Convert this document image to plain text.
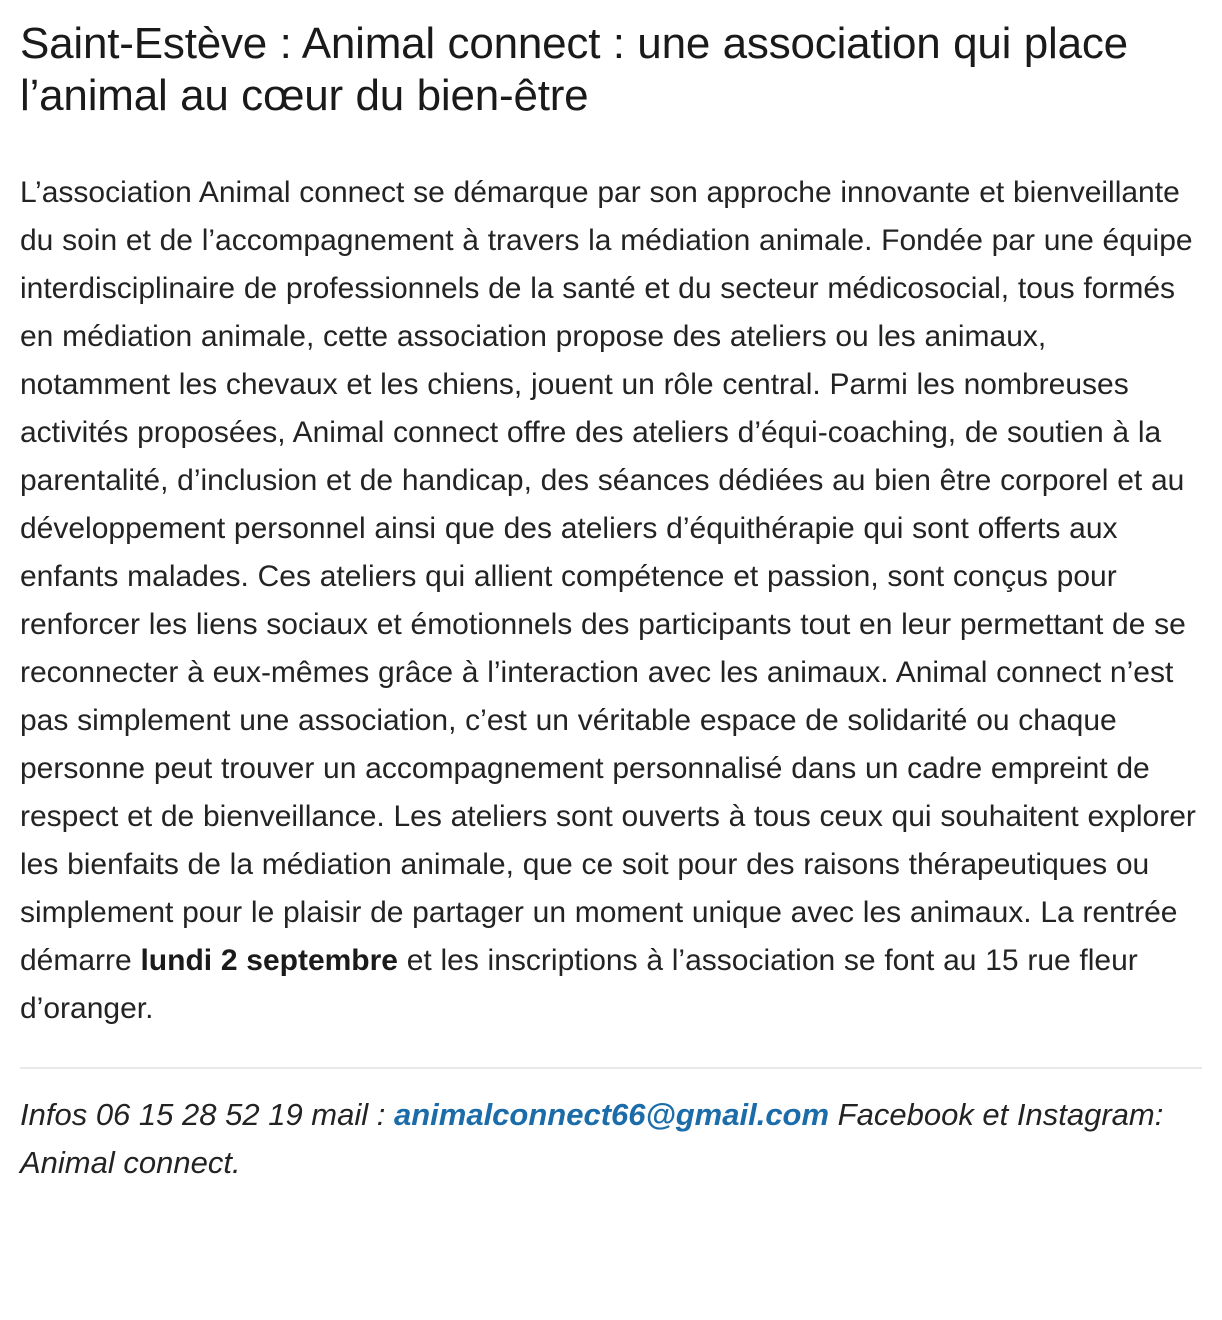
Saint-Estève : Animal connect : une association qui place l’animal au cœur du bien-être

L’association Animal connect se démarque par son approche innovante et bienveillante du soin et de l’accompagnement à travers la médiation animale. Fondée par une équipe interdisciplinaire de professionnels de la santé et du secteur médicosocial, tous formés en médiation animale, cette association propose des ateliers ou les animaux, notamment les chevaux et les chiens, jouent un rôle central. Parmi les nombreuses activités proposées, Animal connect offre des ateliers d’équi-coaching, de soutien à la parentalité, d’inclusion et de handicap, des séances dédiées au bien être corporel et au développement personnel ainsi que des ateliers d’équithérapie qui sont offerts aux enfants malades. Ces ateliers qui allient compétence et passion, sont conçus pour renforcer les liens sociaux et émotionnels des participants tout en leur permettant de se reconnecter à eux-mêmes grâce à l’interaction avec les animaux. Animal connect n’est pas simplement une association, c’est un véritable espace de solidarité ou chaque personne peut trouver un accompagnement personnalisé dans un cadre empreint de respect et de bienveillance. Les ateliers sont ouverts à tous ceux qui souhaitent explorer les bienfaits de la médiation animale, que ce soit pour des raisons thérapeutiques ou simplement pour le plaisir de partager un moment unique avec les animaux. La rentrée démarre lundi 2 septembre et les inscriptions à l’association se font au 15 rue fleur d’oranger.

Infos 06 15 28 52 19 mail : animalconnect66@gmail.com Facebook et Instagram: Animal connect.
